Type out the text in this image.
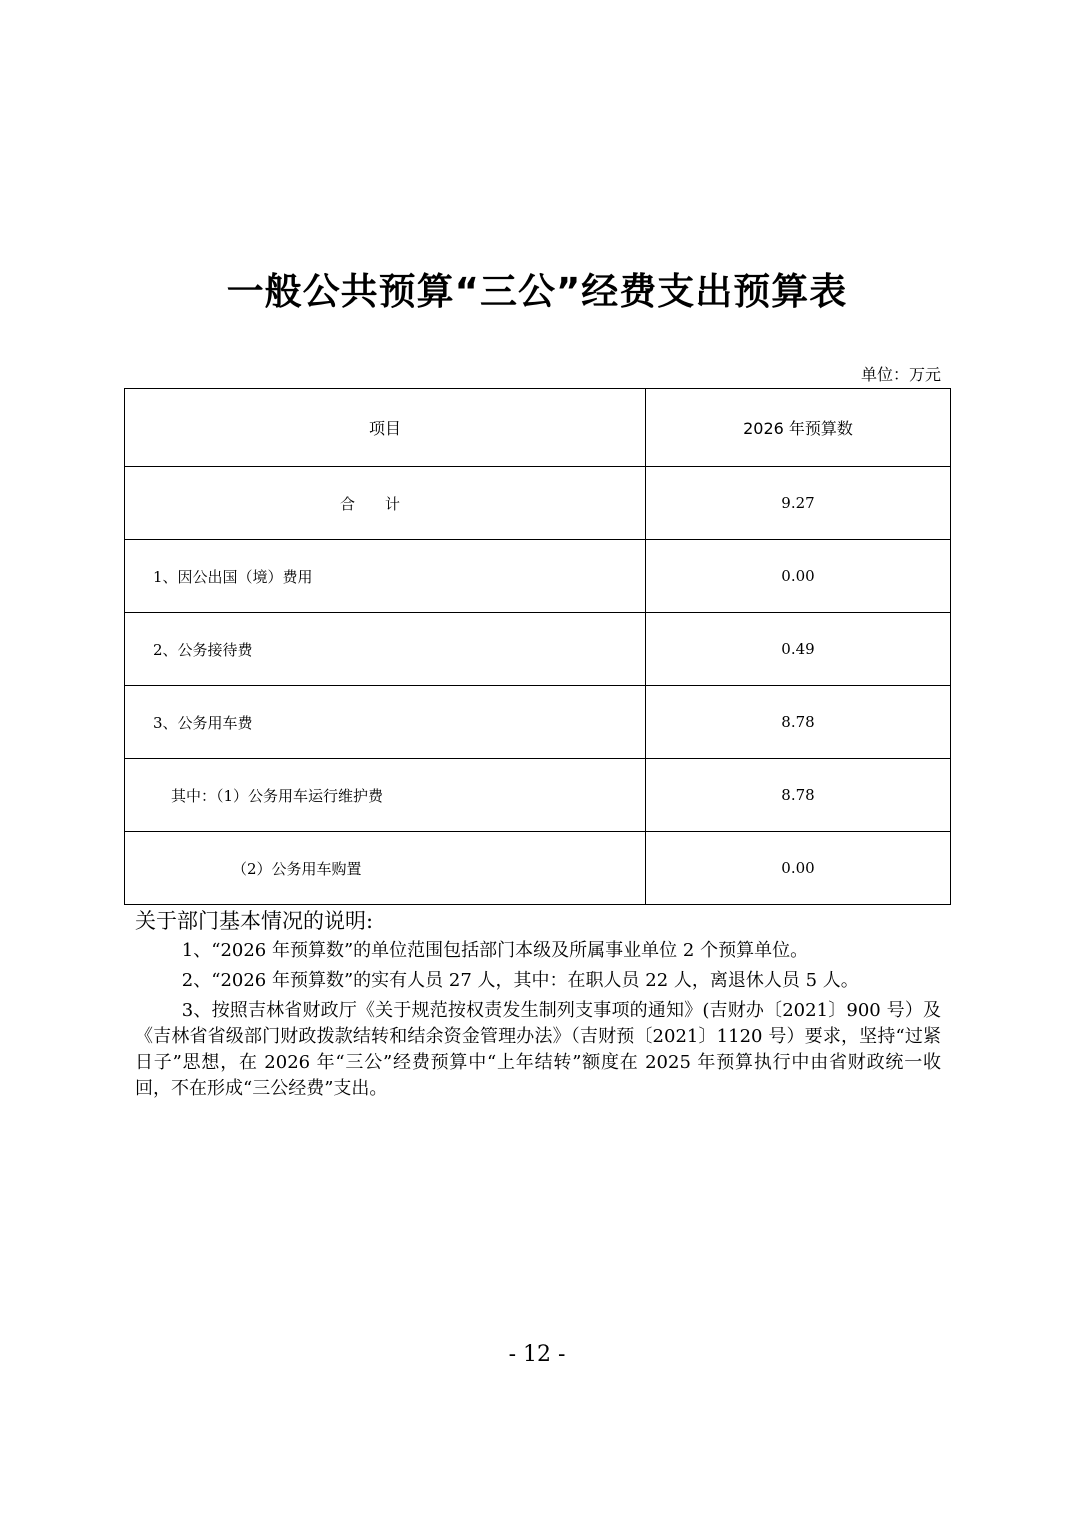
一般公共预算“三公”经费支出预算表
单位：万元
项目	2026 年预算数
合计	9.27
1、因公出国（境）费用	0.00
2、公务接待费	0.49
3、公务用车费	8.78
其中：（1）公务用车运行维护费	8.78
（2）公务用车购置	0.00
关于部门基本情况的说明:

1、“2026 年预算数”的单位范围包括部门本级及所属事业单位 2 个预算单位。

2、“2026 年预算数”的实有人员 27 人，其中：在职人员 22 人，离退休人员 5 人。

3、按照吉林省财政厅《关于规范按权责发生制列支事项的通知》(吉财办〔2021〕900 号）及《吉林省省级部门财政拨款结转和结余资金管理办法》（吉财预〔2021〕1120 号）要求，坚持“过紧日子”思想，在 2026 年“三公”经费预算中“上年结转”额度在 2025 年预算执行中由省财政统一收回，不在形成“三公经费”支出。

- 12 -
